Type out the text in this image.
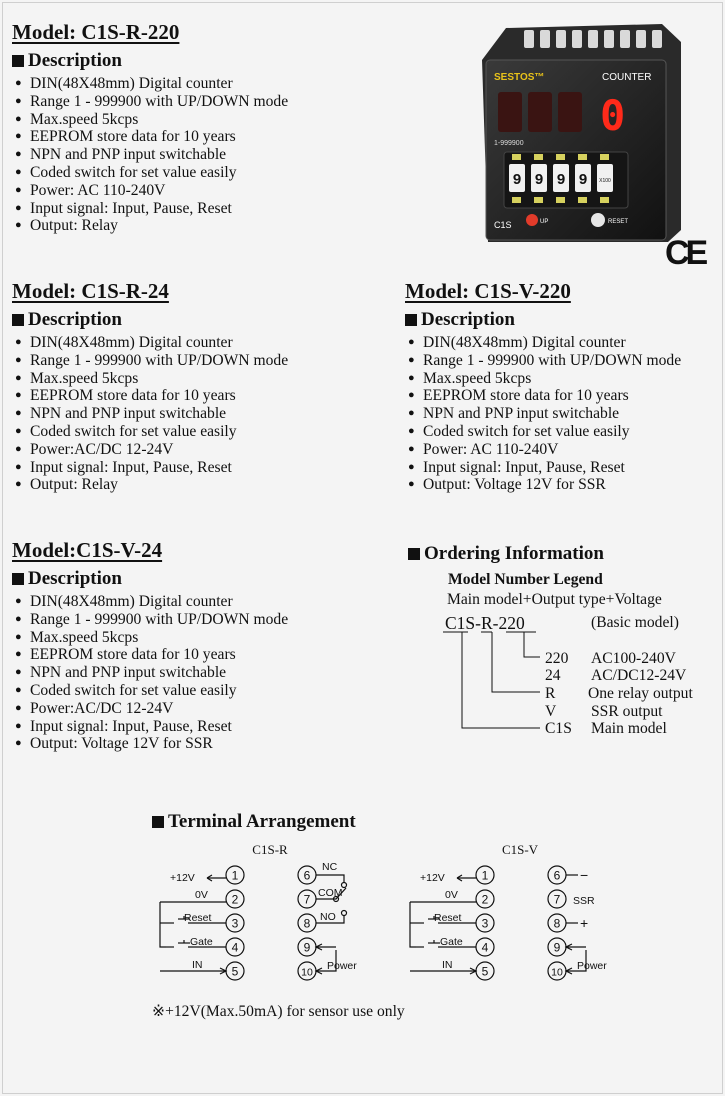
Model: C1S-R-220
Description
● DIN(48X48mm) Digital counter
● Range 1 - 999900 with UP/DOWN mode
● Max.speed 5kcps
● EEPROM store data for 10 years
● NPN and PNP input switchable
● Coded switch for set value easily
● Power: AC 110-240V
● Input signal: Input, Pause, Reset
● Output: Relay
SESTOS™	COUNTER
0
1-999900
9 9 9 9 X100
UP	RESET
C1S
CE
Model: C1S-R-24
Description
● DIN(48X48mm) Digital counter
● Range 1 - 999900 with UP/DOWN mode
● Max.speed 5kcps
● EEPROM store data for 10 years
● NPN and PNP input switchable
● Coded switch for set value easily
● Power:AC/DC 12-24V
● Input signal: Input, Pause, Reset
● Output: Relay
Model: C1S-V-220
Description
● DIN(48X48mm) Digital counter
● Range 1 - 999900 with UP/DOWN mode
● Max.speed 5kcps
● EEPROM store data for 10 years
● NPN and PNP input switchable
● Coded switch for set value easily
● Power: AC 110-240V
● Input signal: Input, Pause, Reset
● Output: Voltage 12V for SSR
Model:C1S-V-24
Description
● DIN(48X48mm) Digital counter
● Range 1 - 999900 with UP/DOWN mode
● Max.speed 5kcps
● EEPROM store data for 10 years
● NPN and PNP input switchable
● Coded switch for set value easily
● Power:AC/DC 12-24V
● Input signal: Input, Pause, Reset
● Output: Voltage 12V for SSR
Ordering Information
Model Number Legend
Main model+Output type+Voltage
C1S-R-220	(Basic model)
220 AC100-240V
24 AC/DC12-24V
R One relay output
V SSR output
C1S Main model
Terminal Arrangement
C1S-R	C1S-V
+12V
0V
Reset
Gate
IN
NC
COM
NO
Power
+12V
0V
Reset
Gate
IN
−
SSR
+
Power
1
2
3
4
5
6
7
8
9
10
1
2
3
4
5
6
7
8
9
10
※+12V(Max.50mA) for sensor use only
